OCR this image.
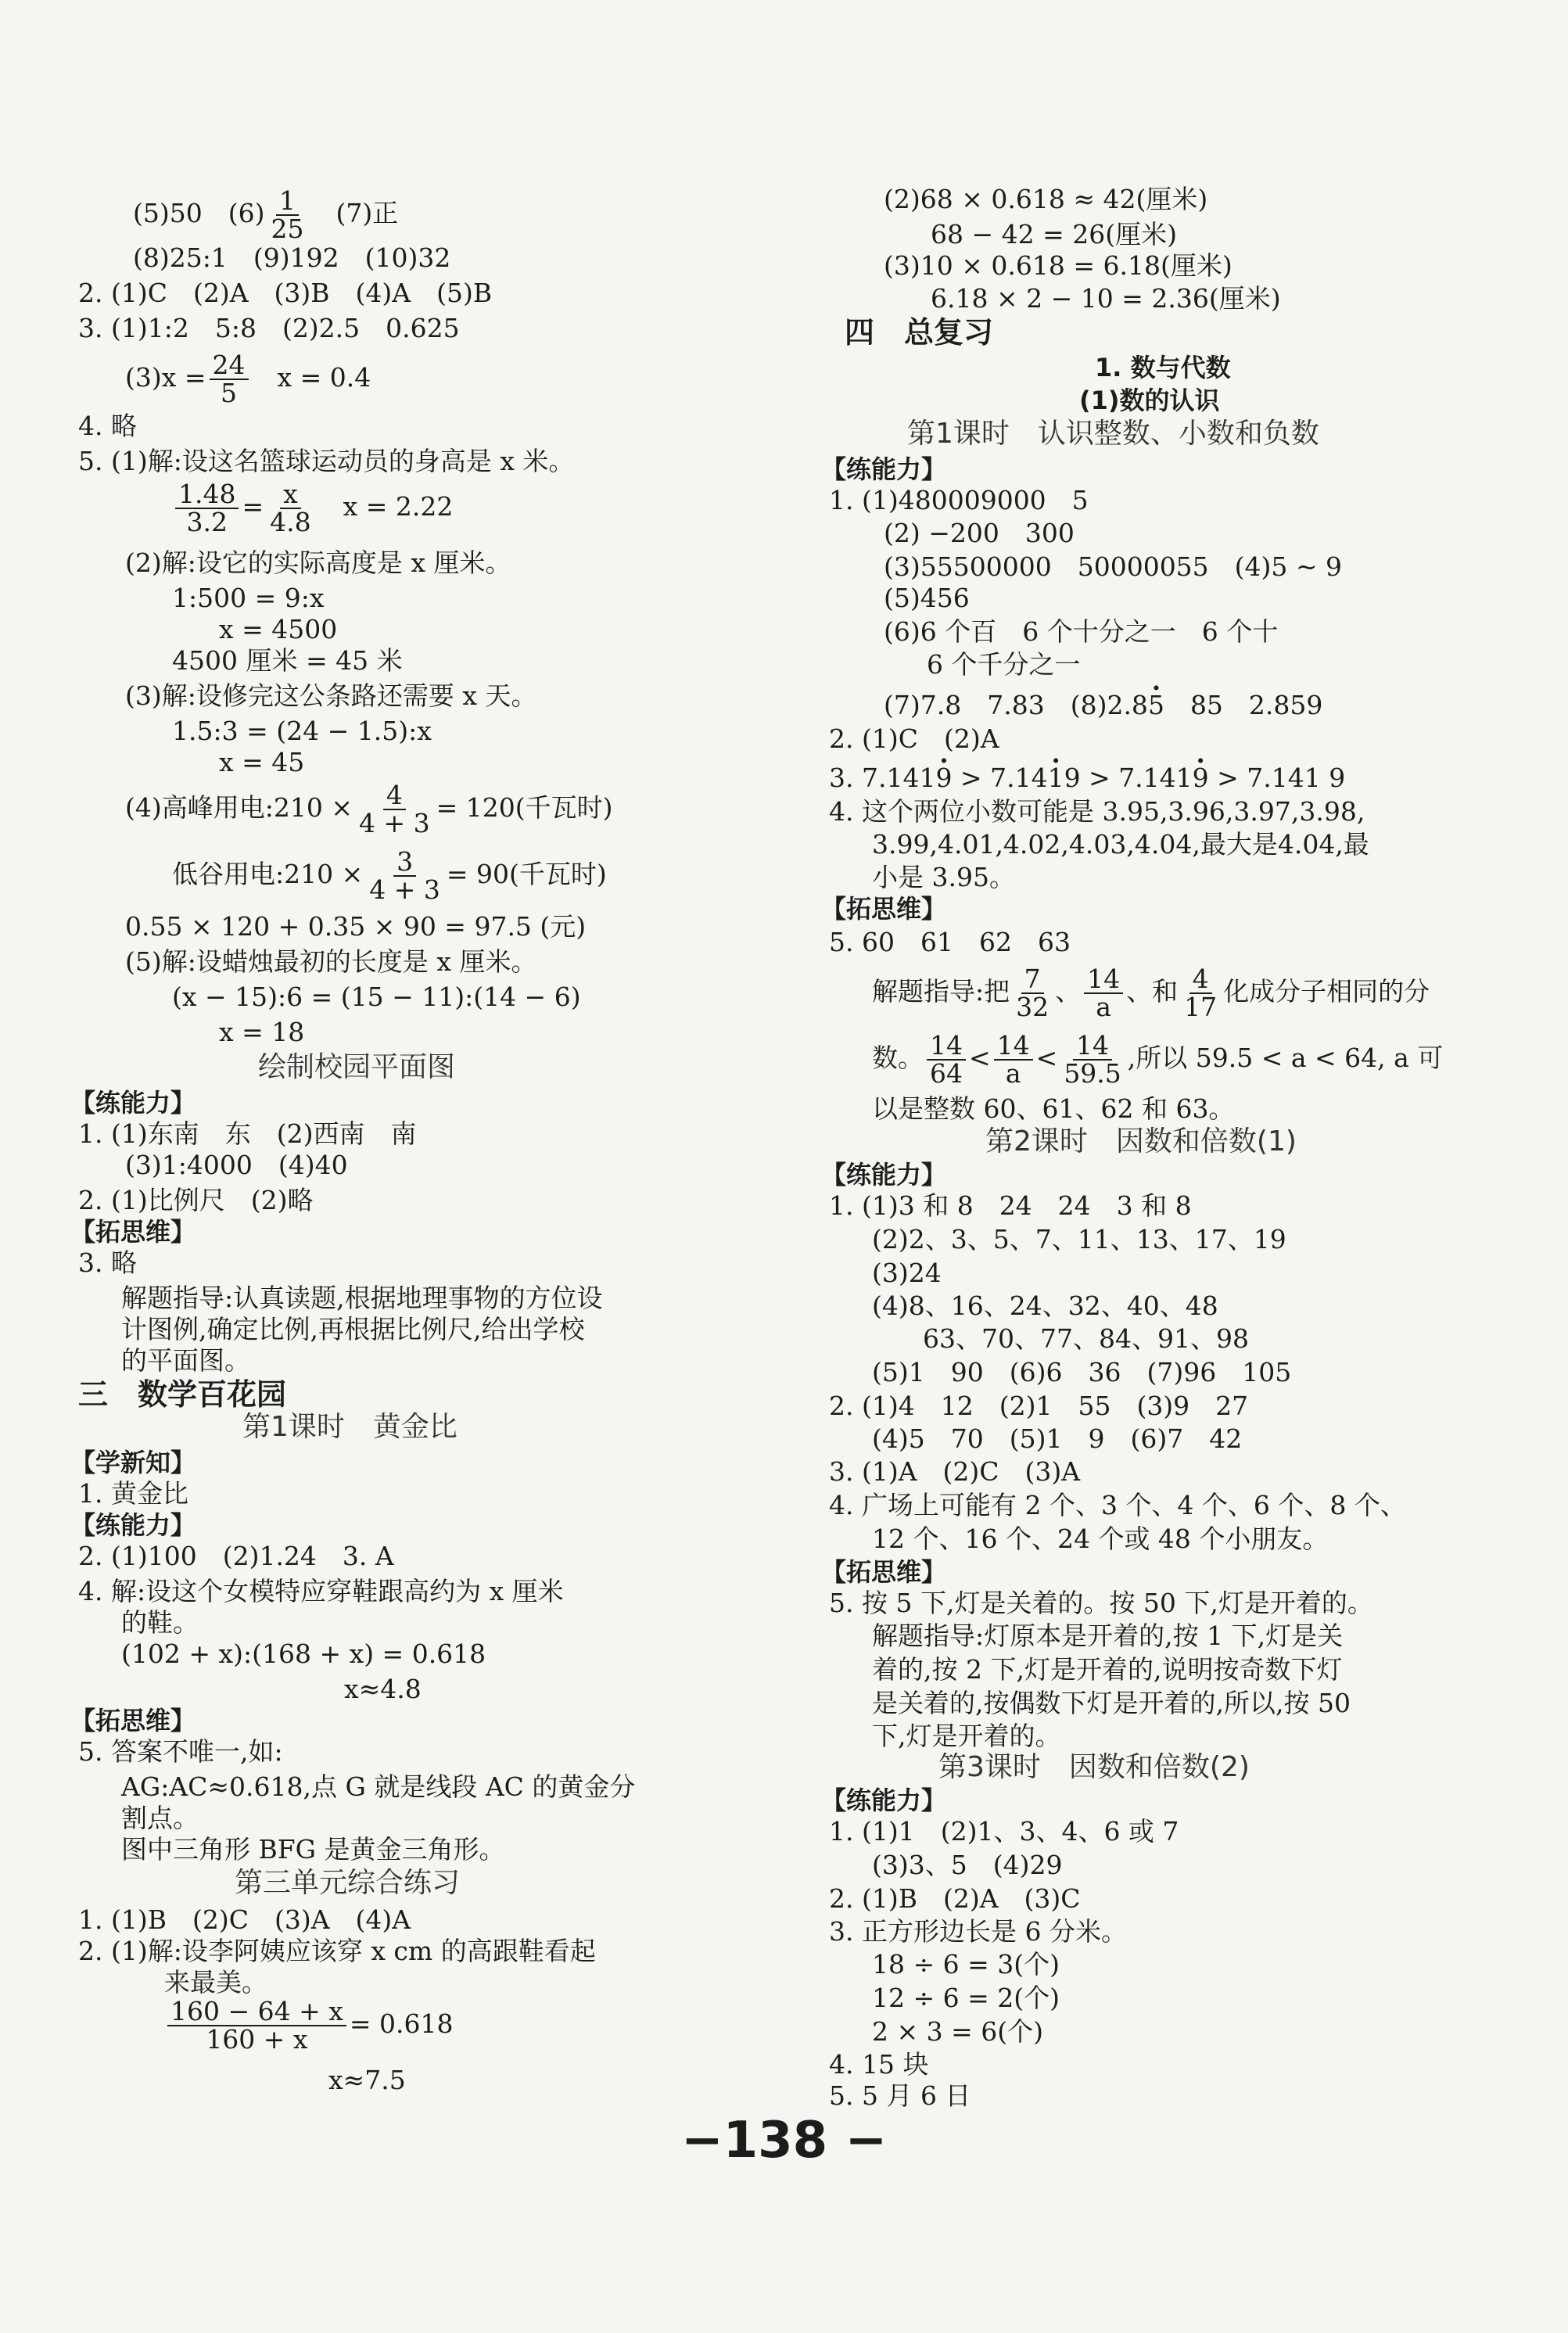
(5)50　$(6) \frac{1}{25}$ 　(7)正
(8)25:1　(9)192　(10)32
2. (1)C　(2)A　(3)B　(4)A　(5)B
3. (1)1:2　5:8　(2)2.5　0.625
$(3)x = \frac{24}{5}$ 　x = 0.4
4. 略
5. (1)解:设这名篮球运动员的身高是 x 米。
$\frac{1.48}{3.2} = \frac{x}{4.8}$ 　x = 2.22
(2)解:设它的实际高度是 x 厘米。
1:500 = 9:x
x = 4500
4500 厘米 = 45 米
(3)解:设修完这公条路还需要 x 天。
1.5:3 = (24 − 1.5):x
x = 45
(4)高峰用电:210 × $\frac{4}{4 + 3} = 120$(千瓦时)
低谷用电:210 × $\frac{3}{4 + 3} = 90$(千瓦时)
0.55 × 120 + 0.35 × 90 = 97.5 (元)
(5)解:设蜡烛最初的长度是 x 厘米。
(x − 15):6 = (15 − 11):(14 − 6)
x = 18
绘制校园平面图
【练能力】
1. (1)东南　东　(2)西南　南
(3)1:4000　(4)40
2. (1)比例尺　(2)略
【拓思维】
3. 略
解题指导:认真读题,根据地理事物的方位设
计图例,确定比例,再根据比例尺,给出学校
的平面图。
三　数学百花园
第1课时　黄金比
【学新知】
1. 黄金比
【练能力】
2. (1)100　(2)1.24　3. A
4. 解:设这个女模特应穿鞋跟高约为 x 厘米
的鞋。
(102 + x):(168 + x) = 0.618
x≈4.8
【拓思维】
5. 答案不唯一,如:
AG:AC≈0.618,点 G 就是线段 AC 的黄金分
割点。
图中三角形 BFG 是黄金三角形。
第三单元综合练习
1. (1)B　(2)C　(3)A　(4)A
2. (1)解:设李阿姨应该穿 x cm 的高跟鞋看起
来最美。
$\frac{160 - 64 + x}{160 + x} = 0.618$
x≈7.5
(2)68 × 0.618 ≈ 42(厘米)
68 − 42 = 26(厘米)
(3)10 × 0.618 = 6.18(厘米)
6.18 × 2 − 10 = 2.36(厘米)
四　总复习
1. 数与代数
(1)数的认识
第1课时　认识整数、小数和负数
【练能力】
1. (1)480009000　5
(2) −200　300
(3)55500000　50000055　(4)5 ~ 9
(5)456
(6)6 个百　6 个十分之一　6 个十
6 个千分之一
(7)7.8　7.83　(8)2.8· 5　85　2.859
2. (1)C　(2)A
3. 7.141· 9 > 7.14· 19 > 7.141· 9 > 7.141 9
4. 这个两位小数可能是 3.95,3.96,3.97,3.98,
3.99,4.01,4.02,4.03,4.04,最大是4.04,最
小是 3.95。
【拓思维】
5. 60　61　62　63
解题指导:把 $\frac{7}{32}$ 、 $\frac{14}{a}$ 、和 $\frac{4}{17}$ 化成分子相同的分
数。 $\frac{14}{64} < \frac{14}{a} < \frac{14}{59.5}$ ,所以 59.5 < a < 64, a 可
以是整数 60、61、62 和 63。
第2课时　因数和倍数(1)
【练能力】
1. (1)3 和 8　24　24　3 和 8
(2)2、3、5、7、11、13、17、19
(3)24
(4)8、16、24、32、40、48
63、70、77、84、91、98
(5)1　90　(6)6　36　(7)96　105
2. (1)4　12　(2)1　55　(3)9　27
(4)5　70　(5)1　9　(6)7　42
3. (1)A　(2)C　(3)A
4. 广场上可能有 2 个、3 个、4 个、6 个、8 个、
12 个、16 个、24 个或 48 个小朋友。
【拓思维】
5. 按 5 下,灯是关着的。按 50 下,灯是开着的。
解题指导:灯原本是开着的,按 1 下,灯是关
着的,按 2 下,灯是开着的,说明按奇数下灯
是关着的,按偶数下灯是开着的,所以,按 50
下,灯是开着的。
第3课时　因数和倍数(2)
【练能力】
1. (1)1　(2)1、3、4、6 或 7
(3)3、5　(4)29
2. (1)B　(2)A　(3)C
3. 正方形边长是 6 分米。
18 ÷ 6 = 3(个)
12 ÷ 6 = 2(个)
2 × 3 = 6(个)
4. 15 块
5. 5 月 6 日
−138 −
